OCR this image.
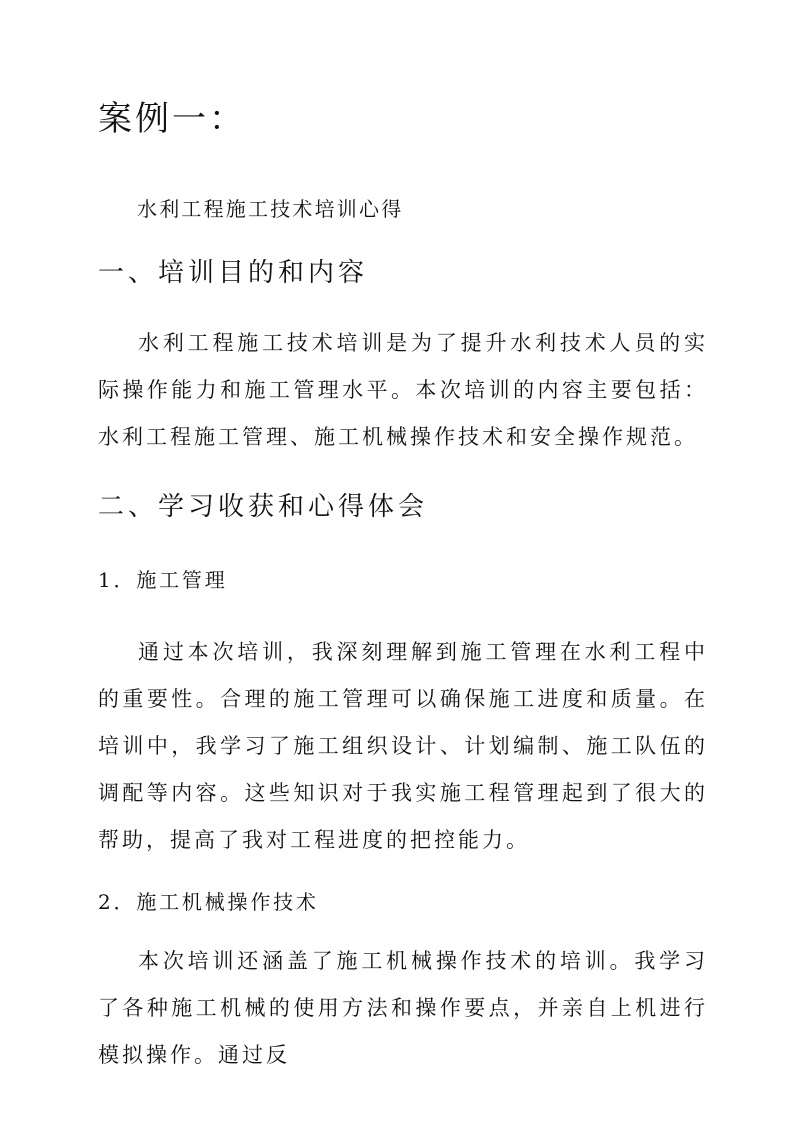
案例一：
水利工程施工技术培训心得
一、培训目的和内容
水利工程施工技术培训是为了提升水利技术人员的实际操作能力和施工管理水平。本次培训的内容主要包括：水利工程施工管理、施工机械操作技术和安全操作规范。
二、学习收获和心得体会
1．施工管理
通过本次培训，我深刻理解到施工管理在水利工程中的重要性。合理的施工管理可以确保施工进度和质量。在培训中，我学习了施工组织设计、计划编制、施工队伍的调配等内容。这些知识对于我实施工程管理起到了很大的帮助，提高了我对工程进度的把控能力。
2．施工机械操作技术
本次培训还涵盖了施工机械操作技术的培训。我学习了各种施工机械的使用方法和操作要点，并亲自上机进行模拟操作。通过反
